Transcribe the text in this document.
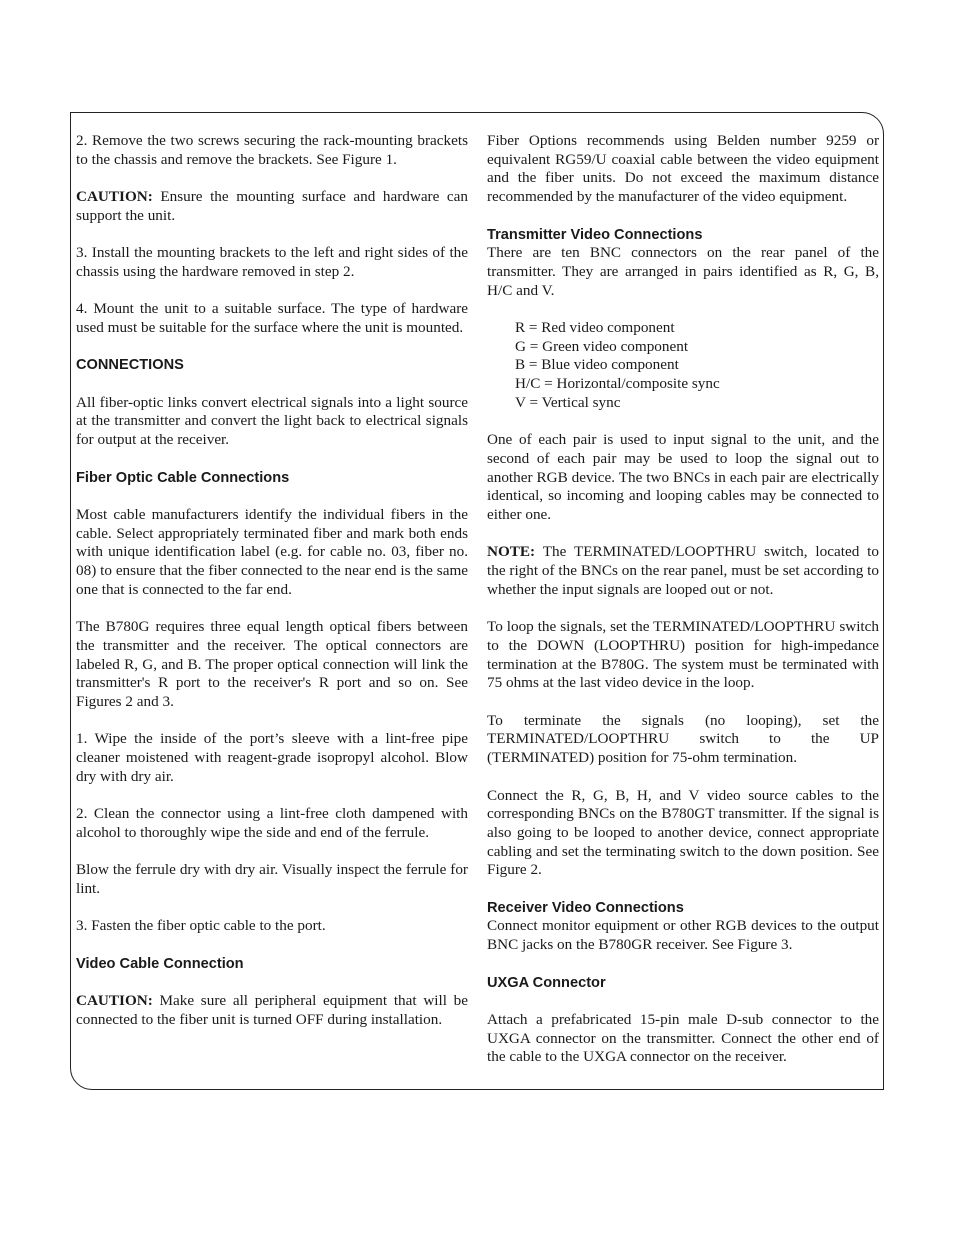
2. Remove the two screws securing the rack-mounting brackets to the chassis and remove the brackets. See Figure 1.

CAUTION: Ensure the mounting surface and hardware can support the unit.

3. Install the mounting brackets to the left and right sides of the chassis using the hardware removed in step 2.

4. Mount the unit to a suitable surface. The type of hardware used must be suitable for the surface where the unit is mounted.

CONNECTIONS

All fiber-optic links convert electrical signals into a light source at the transmitter and convert the light back to electrical signals for output at the receiver.

Fiber Optic Cable Connections

Most cable manufacturers identify the individual fibers in the cable. Select appropriately terminated fiber and mark both ends with unique identification label (e.g. for cable no. 03, fiber no. 08) to ensure that the fiber connected to the near end is the same one that is connected to the far end.

The B780G requires three equal length optical fibers between the transmitter and the receiver. The optical connectors are labeled R, G, and B. The proper optical connection will link the transmitter's R port to the receiver's R port and so on. See Figures 2 and 3.

1. Wipe the inside of the port’s sleeve with a lint-free pipe cleaner moistened with reagent-grade isopropyl alcohol. Blow dry with dry air.

2. Clean the connector using a lint-free cloth dampened with alcohol to thoroughly wipe the side and end of the ferrule.

Blow the ferrule dry with dry air. Visually inspect the ferrule for lint.

3. Fasten the fiber optic cable to the port.

Video Cable Connection

CAUTION: Make sure all peripheral equipment that will be connected to the fiber unit is turned OFF during installation.

Fiber Options recommends using Belden number 9259 or equivalent RG59/U coaxial cable between the video equipment and the fiber units. Do not exceed the maximum distance recommended by the manufacturer of the video equipment.

Transmitter Video Connections

There are ten BNC connectors on the rear panel of the transmitter. They are arranged in pairs identified as R, G, B, H/C and V.

R = Red video component
G = Green video component
B = Blue video component
H/C = Horizontal/composite sync
V = Vertical sync

One of each pair is used to input signal to the unit, and the second of each pair may be used to loop the signal out to another RGB device. The two BNCs in each pair are electrically identical, so incoming and looping cables may be connected to either one.

NOTE: The TERMINATED/LOOPTHRU switch, located to the right of the BNCs on the rear panel, must be set according to whether the input signals are looped out or not.

To loop the signals, set the TERMINATED/LOOPTHRU switch to the DOWN (LOOPTHRU) position for high-impedance termination at the B780G. The system must be terminated with 75 ohms at the last video device in the loop.

To terminate the signals (no looping), set the TERMINATED/LOOPTHRU switch to the UP (TERMINATED) position for 75-ohm termination.

Connect the R, G, B, H, and V video source cables to the corresponding BNCs on the B780GT transmitter. If the signal is also going to be looped to another device, connect appropriate cabling and set the terminating switch to the down position. See Figure 2.

Receiver Video Connections

Connect monitor equipment or other RGB devices to the output BNC jacks on the B780GR receiver. See Figure 3.

UXGA Connector

Attach a prefabricated 15-pin male D-sub connector to the UXGA connector on the transmitter. Connect the other end of the cable to the UXGA connector on the receiver.
